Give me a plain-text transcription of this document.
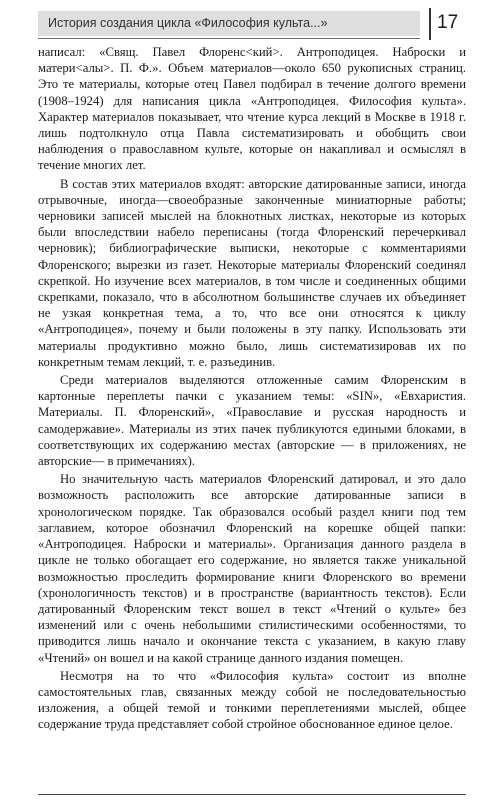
История создания цикла «Философия культа...»	17

написал: «Свящ. Павел Флоренс<кий>. Антроподицея. Наброски и матери<алы>. П. Ф.». Объем материалов—около 650 рукописных страниц. Это те материалы, которые отец Павел подбирал в течение долгого времени (1908–1924) для написания цикла «Антроподицея. Философия культа». Характер материалов показывает, что чтение курса лекций в Москве в 1918 г. лишь подтолкнуло отца Павла систематизировать и обобщить свои наблюдения о православном культе, которые он накапливал и осмыслял в течение многих лет.

В состав этих материалов входят: авторские датированные записи, иногда отрывочные, иногда—своеобразные законченные миниатюрные работы; черновики записей мыслей на блокнотных листках, некоторые из которых были впоследствии набело переписаны (тогда Флоренский перечеркивал черновик); библиографические выписки, некоторые с комментариями Флоренского; вырезки из газет. Некоторые материалы Флоренский соединял скрепкой. Но изучение всех материалов, в том числе и соединенных общими скрепками, показало, что в абсолютном большинстве случаев их объединяет не узкая конкретная тема, а то, что все они относятся к циклу «Антроподицея», почему и были положены в эту папку. Использовать эти материалы продуктивно можно было, лишь систематизировав их по конкретным темам лекций, т. е. разъединив.

Среди материалов выделяются отложенные самим Флоренским в картонные переплеты пачки с указанием темы: «SIN», «Евхаристия. Материалы. П. Флоренский», «Православие и русская народность и самодержавие». Материалы из этих пачек публикуются едиными блоками, в соответствующих их содержанию местах (авторские — в приложениях, не авторские— в примечаниях).

Но значительную часть материалов Флоренский датировал, и это дало возможность расположить все авторские датированные записи в хронологическом порядке. Так образовался особый раздел книги под тем заглавием, которое обозначил Флоренский на корешке общей папки: «Антроподицея. Наброски и материалы». Организация данного раздела в цикле не только обогащает его содержание, но является также уникальной возможностью проследить формирование книги Флоренского во времени (хронологичность текстов) и в пространстве (вариантность текстов). Если датированный Флоренским текст вошел в текст «Чтений о культе» без изменений или с очень небольшими стилистическими особенностями, то приводится лишь начало и окончание текста с указанием, в какую главу «Чтений» он вошел и на какой странице данного издания помещен.

Несмотря на то что «Философия культа» состоит из вполне самостоятельных глав, связанных между собой не последовательностью изложения, а общей темой и тонкими переплетениями мыслей, общее содержание труда представляет собой стройное обоснованное единое целое.
